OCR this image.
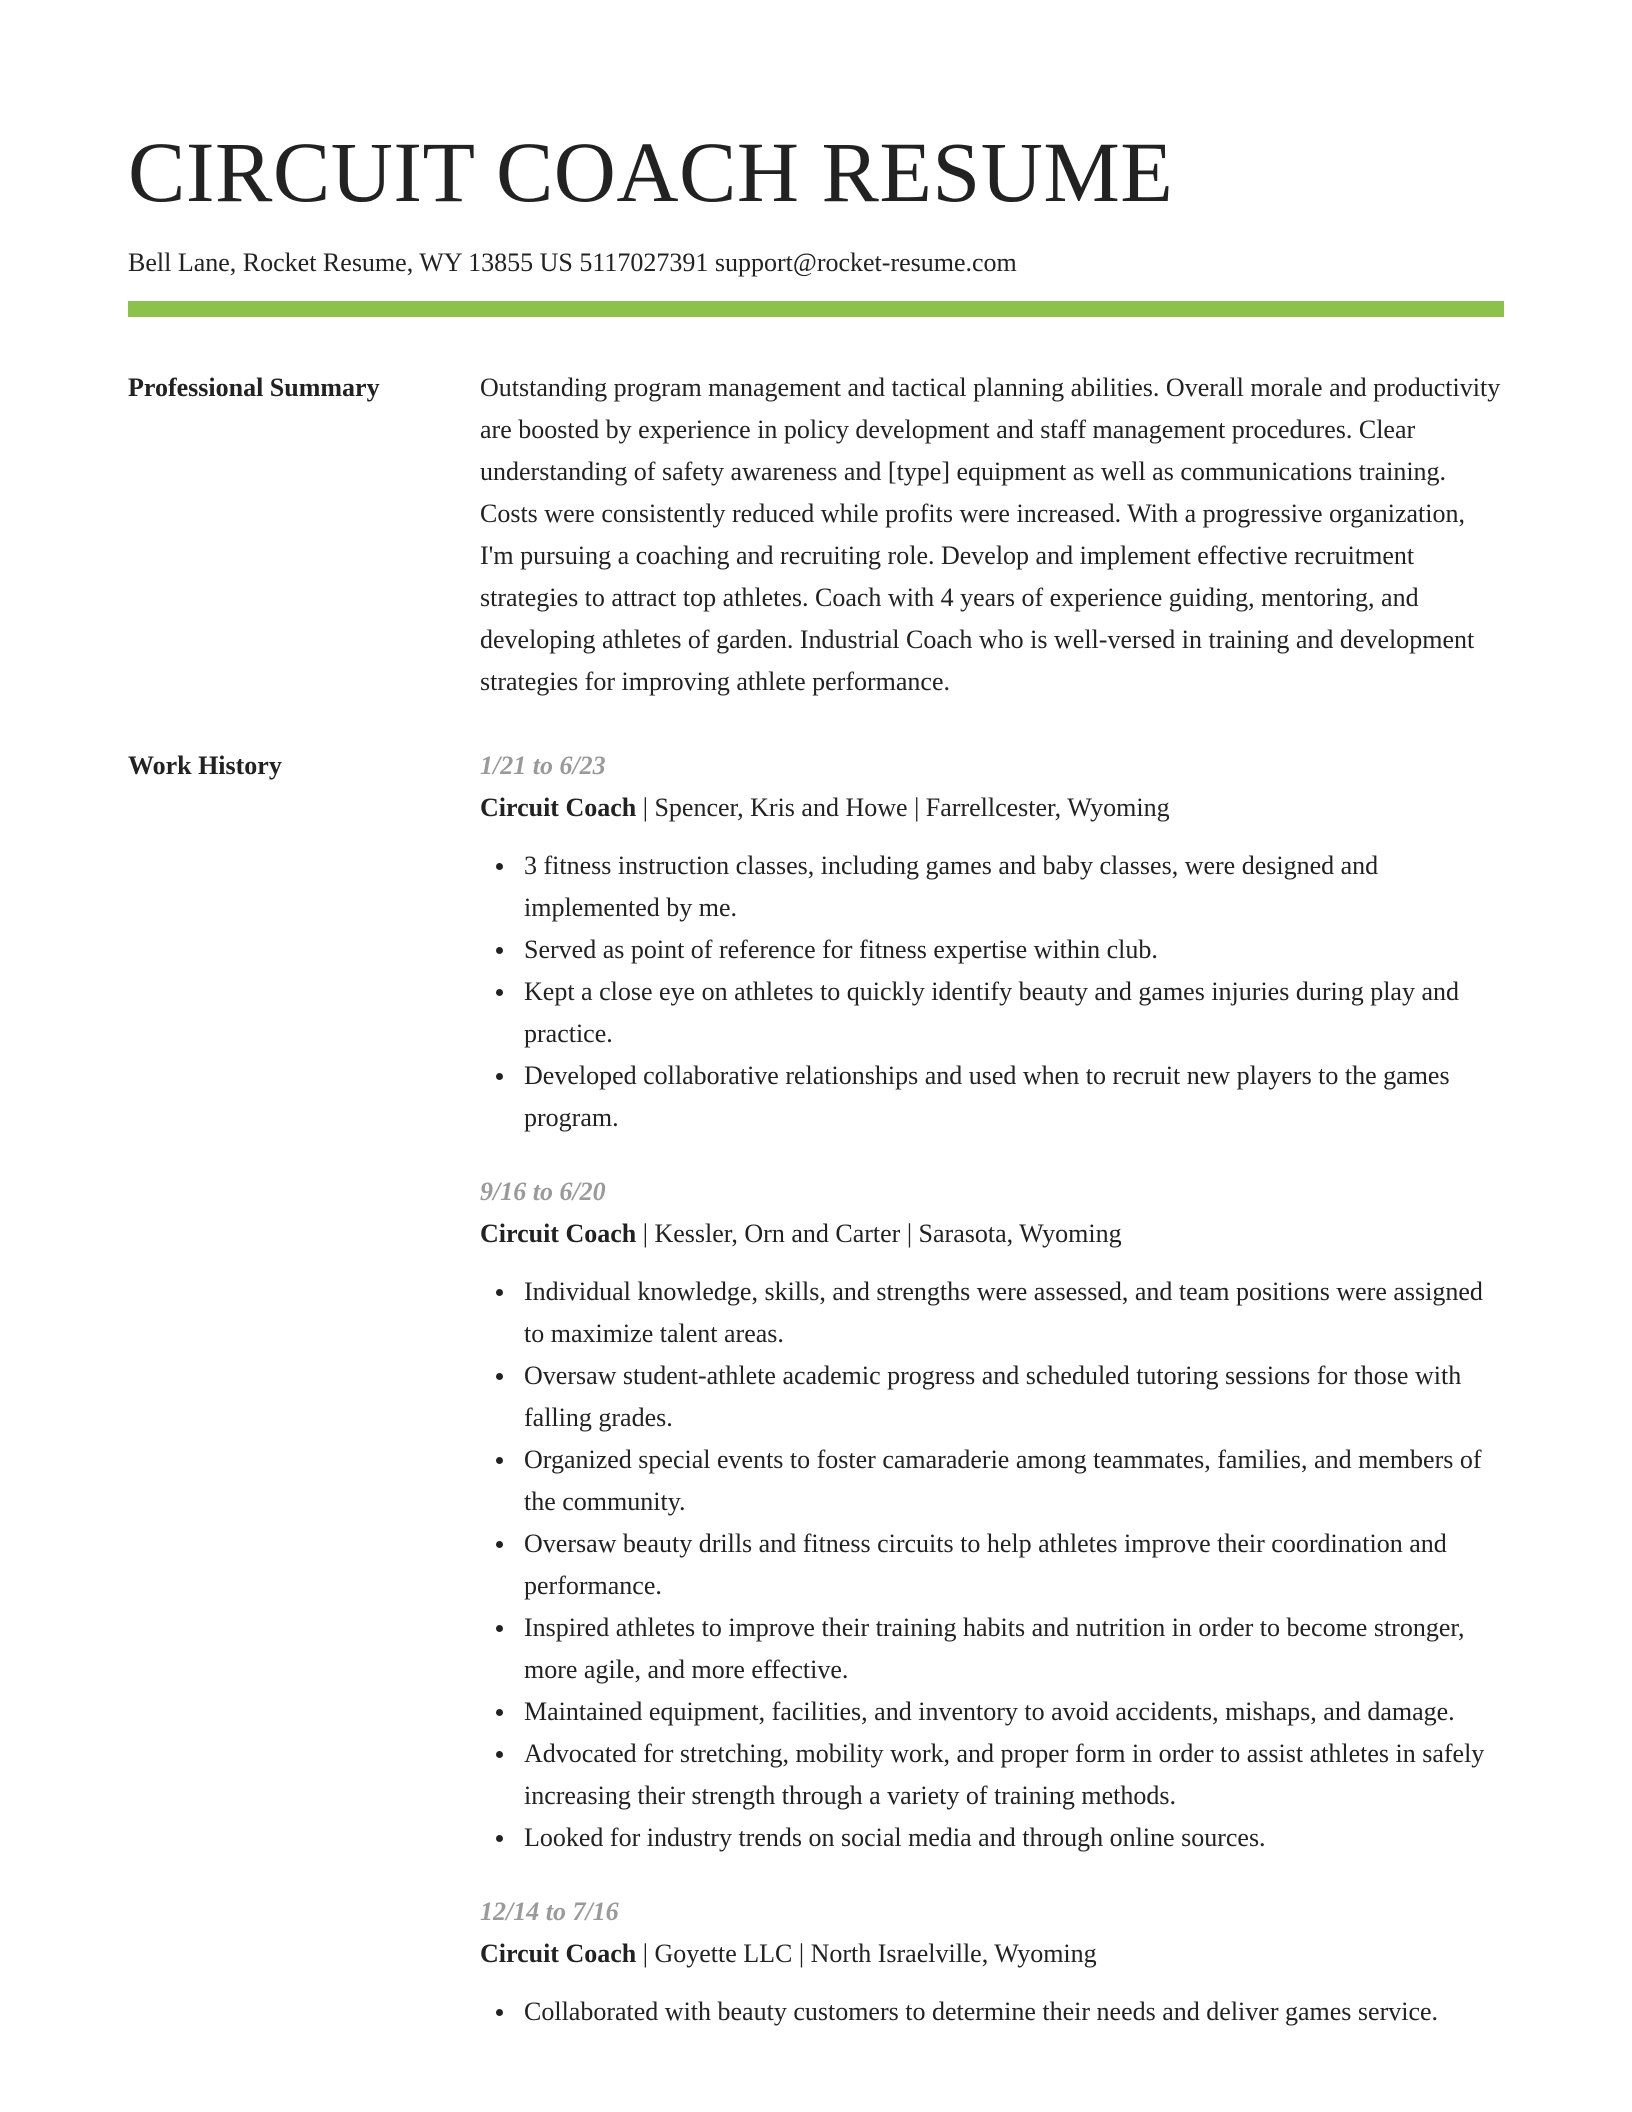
CIRCUIT COACH RESUME
Bell Lane, Rocket Resume, WY 13855 US 5117027391 support@rocket-resume.com
Professional Summary	Outstanding program management and tactical planning abilities. Overall morale and productivity are boosted by experience in policy development and staff management procedures. Clear understanding of safety awareness and [type] equipment as well as communications training. Costs were consistently reduced while profits were increased. With a progressive organization, I'm pursuing a coaching and recruiting role. Develop and implement effective recruitment strategies to attract top athletes. Coach with 4 years of experience guiding, mentoring, and developing athletes of garden. Industrial Coach who is well-versed in training and development strategies for improving athlete performance.

Work History	1/21 to 6/23
Circuit Coach | Spencer, Kris and Howe | Farrellcester, Wyoming
3 fitness instruction classes, including games and baby classes, were designed and implemented by me.
Served as point of reference for fitness expertise within club.
Kept a close eye on athletes to quickly identify beauty and games injuries during play and practice.
Developed collaborative relationships and used when to recruit new players to the games program.
9/16 to 6/20
Circuit Coach | Kessler, Orn and Carter | Sarasota, Wyoming
Individual knowledge, skills, and strengths were assessed, and team positions were assigned to maximize talent areas.
Oversaw student-athlete academic progress and scheduled tutoring sessions for those with falling grades.
Organized special events to foster camaraderie among teammates, families, and members of the community.
Oversaw beauty drills and fitness circuits to help athletes improve their coordination and performance.
Inspired athletes to improve their training habits and nutrition in order to become stronger, more agile, and more effective.
Maintained equipment, facilities, and inventory to avoid accidents, mishaps, and damage.
Advocated for stretching, mobility work, and proper form in order to assist athletes in safely increasing their strength through a variety of training methods.
Looked for industry trends on social media and through online sources.
12/14 to 7/16
Circuit Coach | Goyette LLC | North Israelville, Wyoming
Collaborated with beauty customers to determine their needs and deliver games service.
